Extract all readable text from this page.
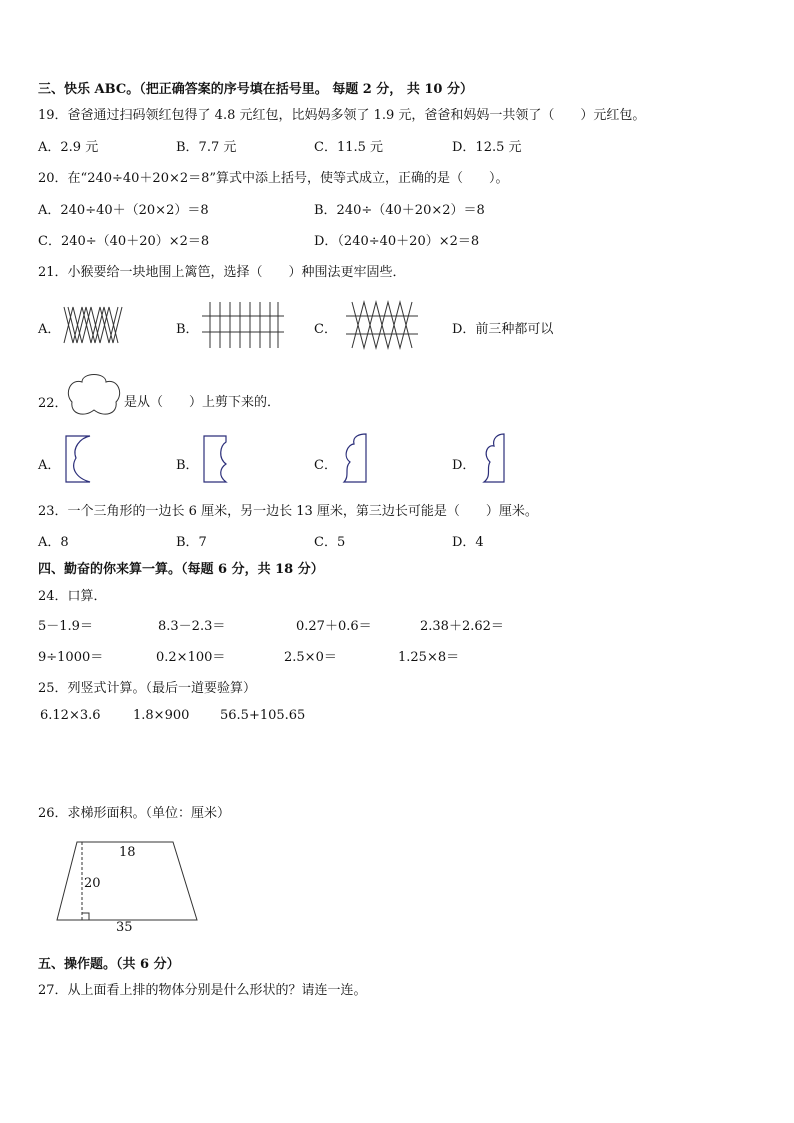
三、快乐 ABC。（把正确答案的序号填在括号里。 每题 2 分， 共 10 分）
19．爸爸通过扫码领红包得了 4.8 元红包，比妈妈多领了 1.9 元，爸爸和妈妈一共领了（　　）元红包。
A．2.9 元	B．7.7 元	C．11.5 元	D．12.5 元
20．在“240÷40＋20×2＝8”算式中添上括号，使等式成立，正确的是（　　）。
A．240÷40＋（20×2）＝8	B．240÷（40＋20×2）＝8
C．240÷（40＋20）×2＝8	D．（240÷40＋20）×2＝8
21．小猴要给一块地围上篱笆，选择（　　）种围法更牢固些．
A．	B．	C．	D．前三种都可以
22．	是从（　　）上剪下来的．
A．	B．	C．	D．
23．一个三角形的一边长 6 厘米，另一边长 13 厘米，第三边长可能是（　　）厘米。
A．8	B．7	C．5	D．4
四、勤奋的你来算一算。（每题 6 分，共 18 分）
24．口算．
5－1.9＝	8.3－2.3＝	0.27＋0.6＝	2.38＋2.62＝
9÷1000＝	0.2×100＝	2.5×0＝	1.25×8＝
25．列竖式计算。（最后一道要验算）
6.12×3.6 1.8×900 56.5+105.65
26．求梯形面积。（单位：厘米）
18
20
35
五、操作题。（共 6 分）
27．从上面看上排的物体分别是什么形状的？请连一连。
